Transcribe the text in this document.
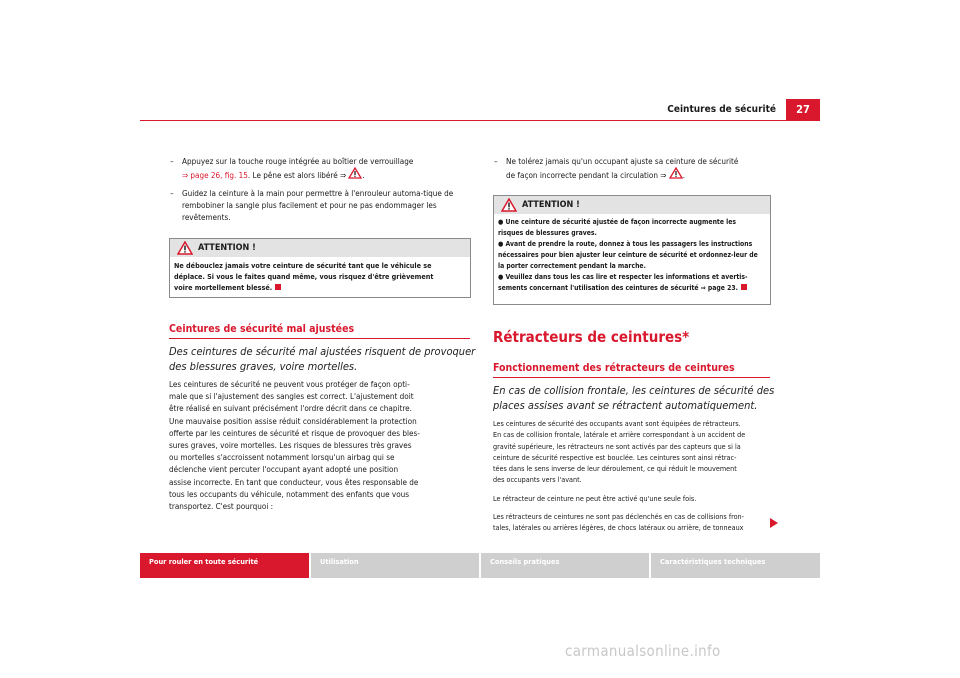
Ceintures de sécurité	27
–	Appuyez sur la touche rouge intégrée au boîtier de verrouillage
⇒ page 26, fig. 15. Le pêne est alors libéré ⇒ .
–	Guidez la ceinture à la main pour permettre à l'enrouleur automa-tique de rembobiner la sangle plus facilement et pour ne pas endommager les revêtements.
ATTENTION !
Ne débouclez jamais votre ceinture de sécurité tant que le véhicule se
déplace. Si vous le faites quand même, vous risquez d'être grièvement
voire mortellement blessé.
Ceintures de sécurité mal ajustées
Des ceintures de sécurité mal ajustées risquent de provoquer
des blessures graves, voire mortelles.
Les ceintures de sécurité ne peuvent vous protéger de façon opti-
male que si l'ajustement des sangles est correct. L'ajustement doit
être réalisé en suivant précisément l'ordre décrit dans ce chapitre.
Une mauvaise position assise réduit considérablement la protection
offerte par les ceintures de sécurité et risque de provoquer des bles-
sures graves, voire mortelles. Les risques de blessures très graves
ou mortelles s'accroissent notamment lorsqu'un airbag qui se
déclenche vient percuter l'occupant ayant adopté une position
assise incorrecte. En tant que conducteur, vous êtes responsable de
tous les occupants du véhicule, notamment des enfants que vous
transportez. C'est pourquoi :
–	Ne tolérez jamais qu'un occupant ajuste sa ceinture de sécurité
de façon incorrecte pendant la circulation ⇒ .
ATTENTION !
● Une ceinture de sécurité ajustée de façon incorrecte augmente les
risques de blessures graves.
● Avant de prendre la route, donnez à tous les passagers les instructions
nécessaires pour bien ajuster leur ceinture de sécurité et ordonnez-leur de
la porter correctement pendant la marche.
● Veuillez dans tous les cas lire et respecter les informations et avertis-
sements concernant l'utilisation des ceintures de sécurité ⇒ page 23.
Rétracteurs de ceintures*
Fonctionnement des rétracteurs de ceintures
En cas de collision frontale, les ceintures de sécurité des
places assises avant se rétractent automatiquement.
Les ceintures de sécurité des occupants avant sont équipées de rétracteurs.
En cas de collision frontale, latérale et arrière correspondant à un accident de
gravité supérieure, les rétracteurs ne sont activés par des capteurs que si la
ceinture de sécurité respective est bouclée. Les ceintures sont ainsi rétrac-
tées dans le sens inverse de leur déroulement, ce qui réduit le mouvement
des occupants vers l'avant.
Le rétracteur de ceinture ne peut être activé qu'une seule fois.
Les rétracteurs de ceintures ne sont pas déclenchés en cas de collisions fron-
tales, latérales ou arrières légères, de chocs latéraux ou arrière, de tonneaux
Pour rouler en toute sécurité	Utilisation	Conseils pratiques	Caractéristiques techniques
carmanualsonline.info
